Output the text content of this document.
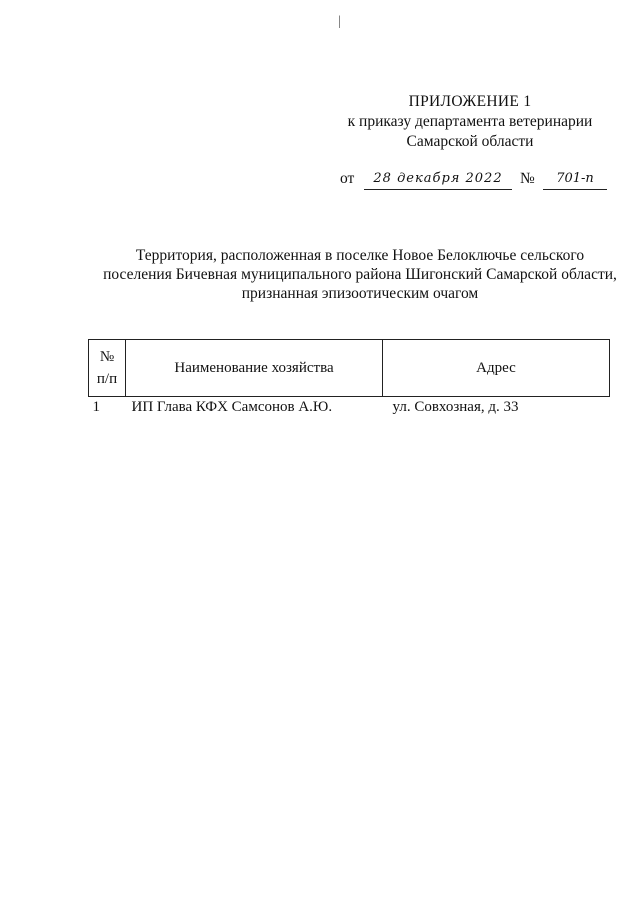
|
ПРИЛОЖЕНИЕ 1
к приказу департамента ветеринарии
Самарской области
от	28 декабря 2022	№	701-п
Территория, расположенная в поселке Новое Белоключье сельского
поселения Бичевная муниципального района Шигонский Самарской области,
признанная эпизоотическим очагом
№
п/п	Наименование хозяйства	Адрес
1	ИП Глава КФХ Самсонов А.Ю.	ул. Совхозная, д. 33
